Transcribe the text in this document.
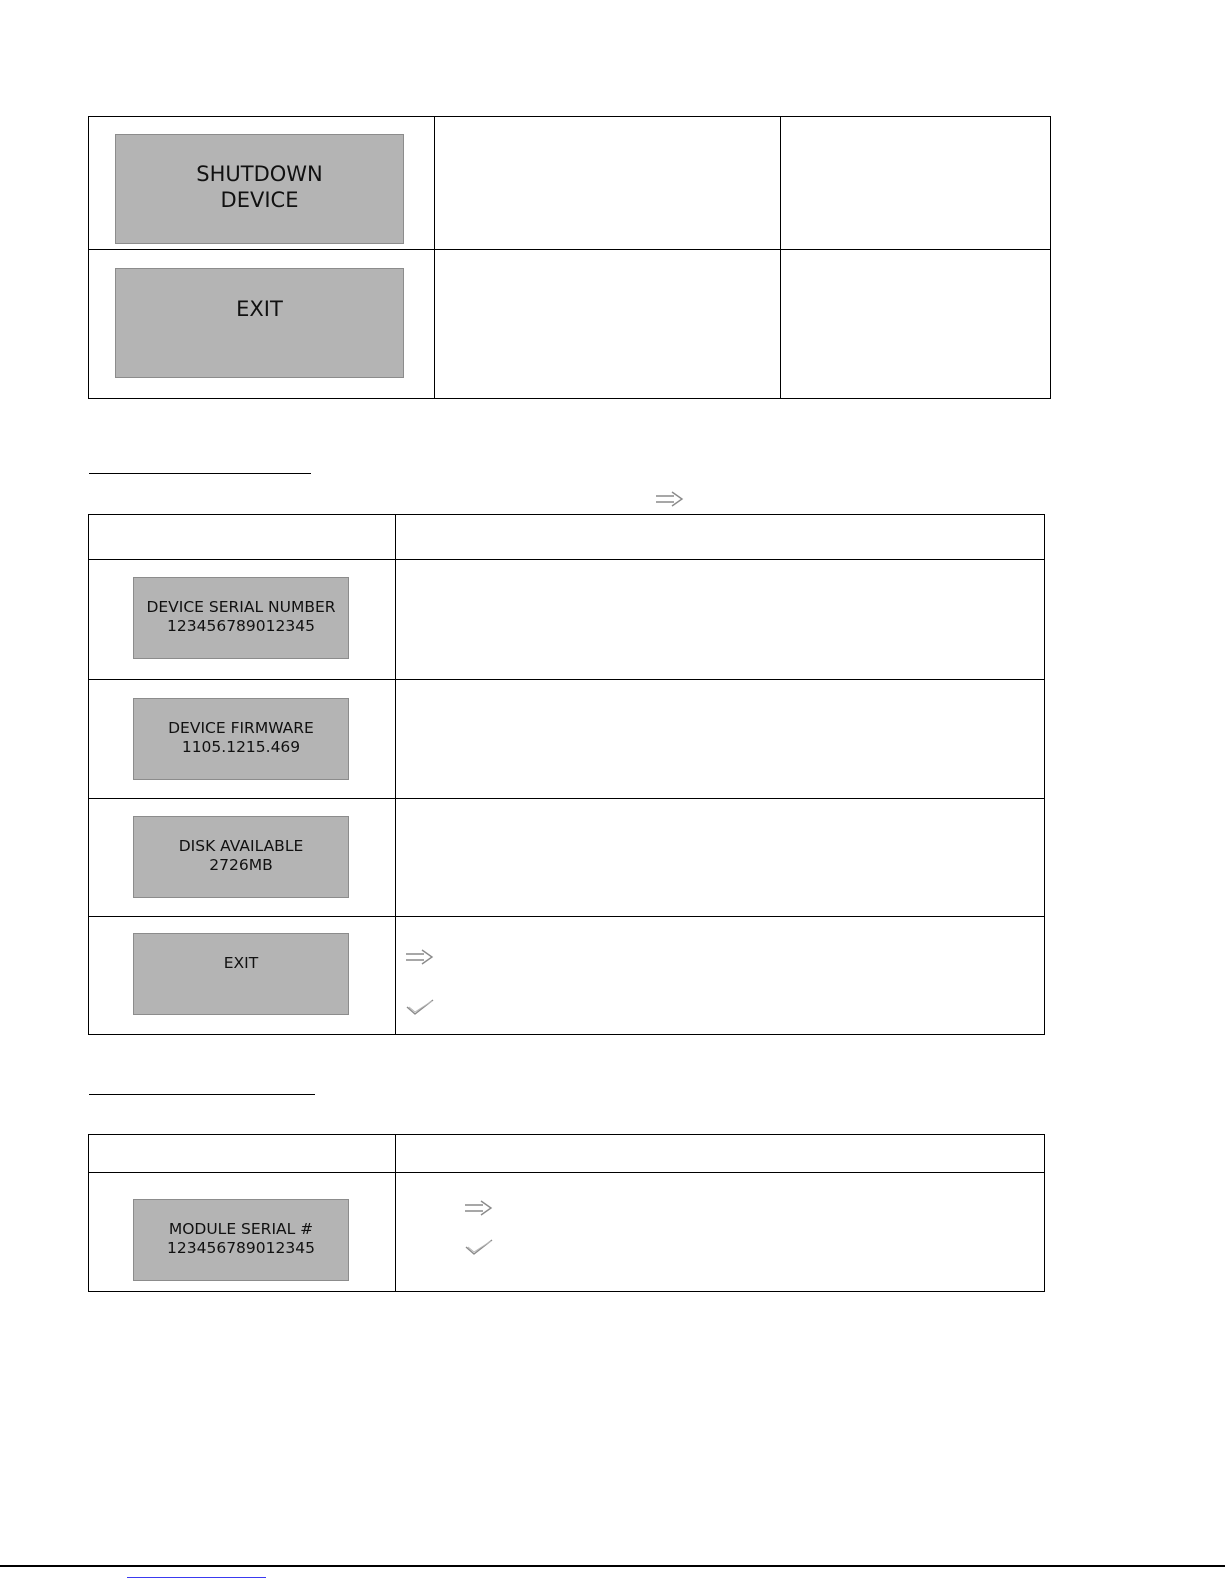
SHUTDOWN
DEVICE		

EXIT		

DEVICE SERIAL NUMBER
123456789012345	

DEVICE FIRMWARE
1105.1215.469	

DISK AVAILABLE
2726MB	

EXIT

MODULE SERIAL #
123456789012345
